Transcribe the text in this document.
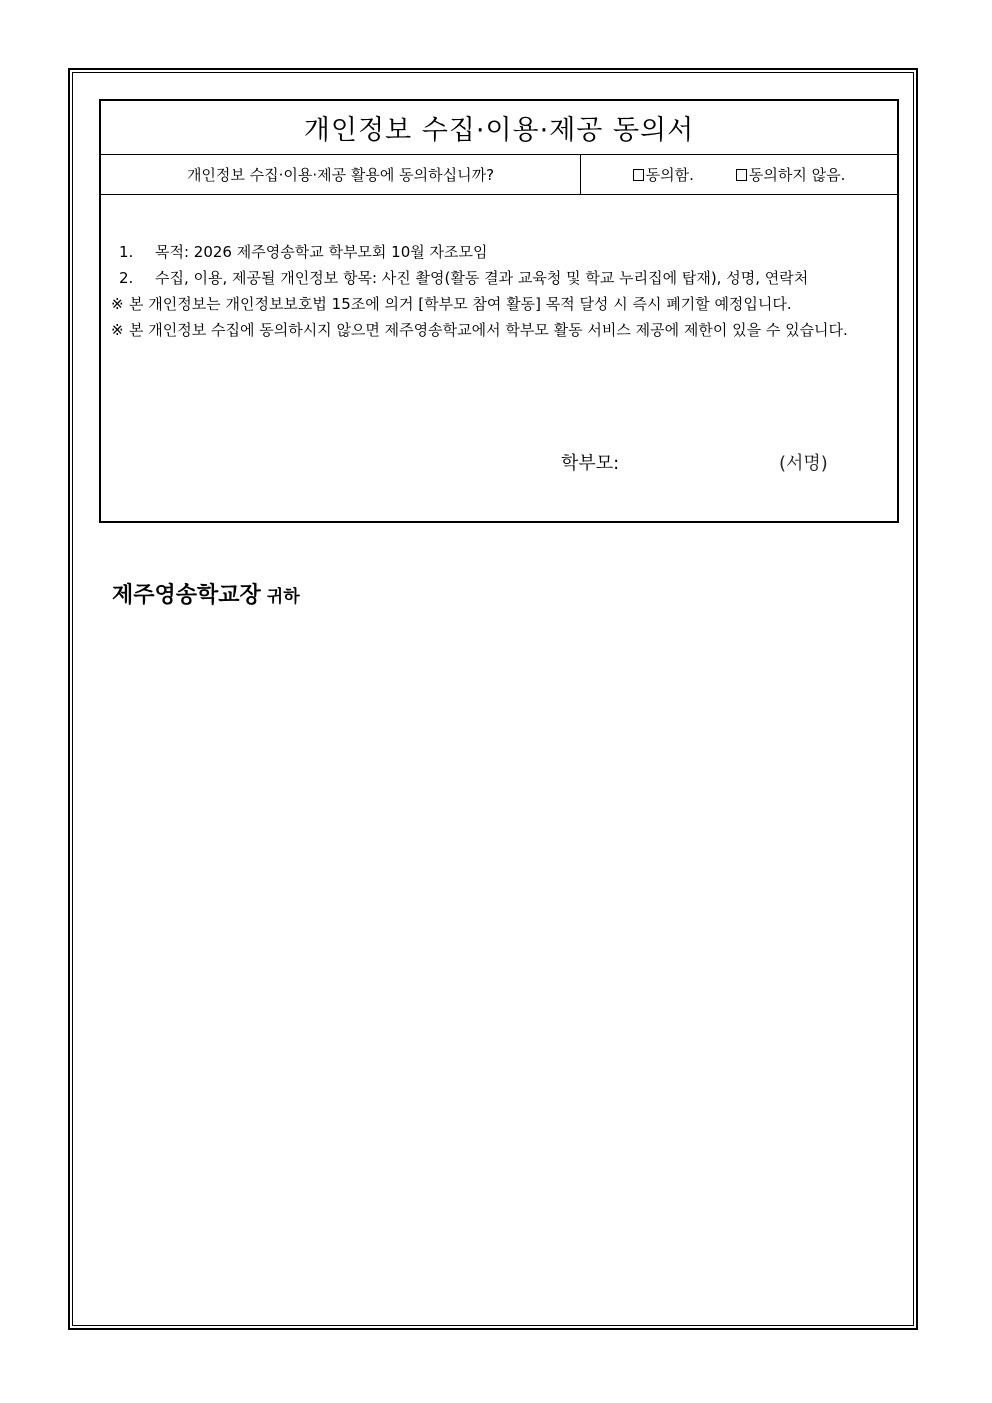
개인정보 수집·이용·제공 동의서
개인정보 수집·이용·제공 활용에 동의하십니까?	동의함.	동의하지 않음.
1. 목적: 2026 제주영송학교 학부모회 10월 자조모임
2. 수집, 이용, 제공될 개인정보 항목: 사진 촬영(활동 결과 교육청 및 학교 누리집에 탑재), 성명, 연락처
※ 본 개인정보는 개인정보보호법 15조에 의거 [학부모 참여 활동] 목적 달성 시 즉시 폐기할 예정입니다.
※ 본 개인정보 수집에 동의하시지 않으면 제주영송학교에서 학부모 활동 서비스 제공에 제한이 있을 수 있습니다.
학부모:	(서명)
제주영송학교장 귀하
